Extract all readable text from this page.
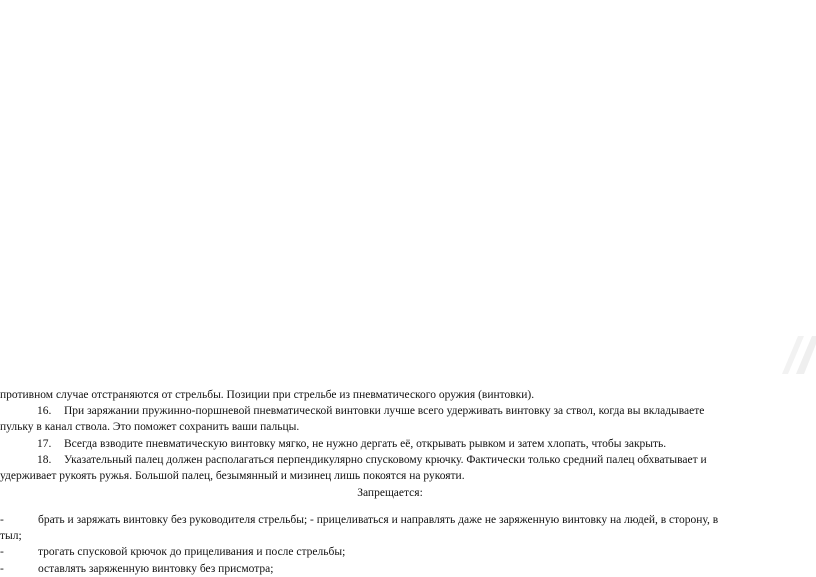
противном случае отстраняются от стрельбы. Позиции при стрельбе из пневматического оружия (винтовки).
16. При заряжании пружинно-поршневой пневматической винтовки лучше всего удерживать винтовку за ствол, когда вы вкладываете
пульку в канал ствола. Это поможет сохранить ваши пальцы.
17. Всегда взводите пневматическую винтовку мягко, не нужно дергать её, открывать рывком и затем хлопать, чтобы закрыть.
18. Указательный палец должен располагаться перпендикулярно спусковому крючку. Фактически только средний палец обхватывает и
удерживает рукоять ружья. Большой палец, безымянный и мизинец лишь покоятся на рукояти.
Запрещается:
-	брать и заряжать винтовку без руководителя стрельбы; - прицеливаться и направлять даже не заряженную винтовку на людей, в сторону, в
тыл;
-	трогать спусковой крючок до прицеливания и после стрельбы;
-	оставлять заряженную винтовку без присмотра;
